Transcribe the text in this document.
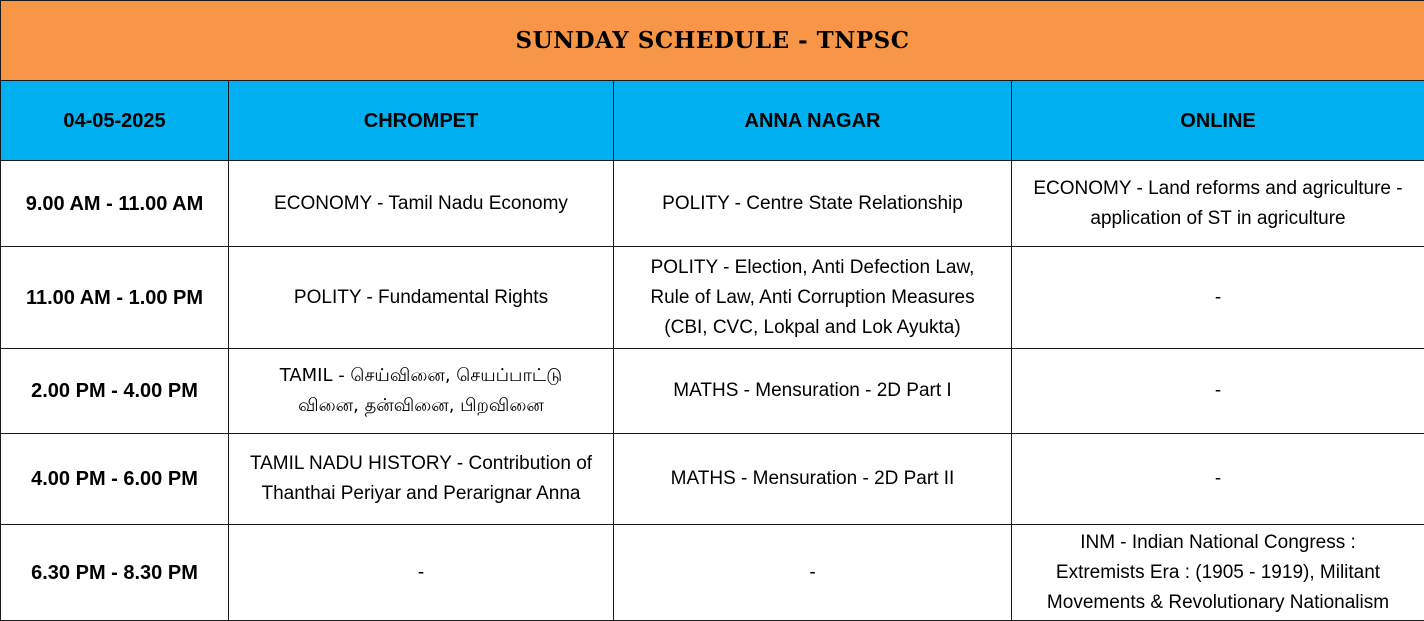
SUNDAY SCHEDULE - TNPSC			
04-05-2025	CHROMPET	ANNA NAGAR	ONLINE
9.00 AM - 11.00 AM	ECONOMY - Tamil Nadu Economy	POLITY - Centre State Relationship	ECONOMY - Land reforms and agriculture -
application of ST in agriculture

11.00 AM - 1.00 PM	POLITY - Fundamental Rights	POLITY - Election, Anti Defection Law,
Rule of Law, Anti Corruption Measures
(CBI, CVC, Lokpal and Lok Ayukta)	-

2.00 PM - 4.00 PM	TAMIL - செய்வினை, செயப்பாட்டு
வினை, தன்வினை, பிறவினை	MATHS - Mensuration - 2D Part I	-

4.00 PM - 6.00 PM	TAMIL NADU HISTORY - Contribution of
Thanthai Periyar and Perarignar Anna	MATHS - Mensuration - 2D Part II	-

6.30 PM - 8.30 PM	-	-	INM - Indian National Congress :
Extremists Era : (1905 - 1919), Militant
Movements & Revolutionary Nationalism
